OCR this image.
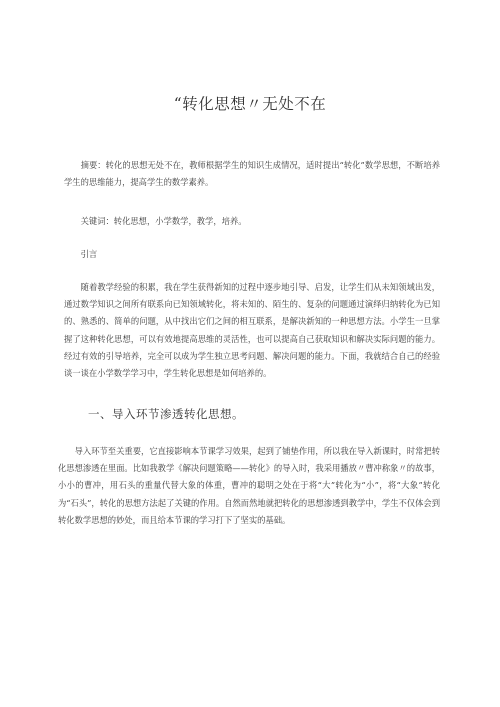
“转化思想〃无处不在

摘要：转化的思想无处不在，教师根据学生的知识生成情况，适时提出“转化”数学思想，不断培养学生的思维能力，提高学生的数学素养。

关键词：转化思想，小学数学，教学，培养。

引言

随着教学经验的积累，我在学生获得新知的过程中逐步地引导、启发，让学生们从未知领域出发，通过数学知识之间所有联系向已知领域转化，将未知的、陌生的、复杂的问题通过演绎归纳转化为已知的、熟悉的、简单的问题，从中找出它们之间的相互联系，是解决新知的一种思想方法。小学生一旦掌握了这种转化思想，可以有效地提高思维的灵活性，也可以提高自己获取知识和解决实际问题的能力。经过有效的引导培养，完全可以成为学生独立思考问题、解决问题的能力。下面，我就结合自己的经验谈一谈在小学数学学习中，学生转化思想是如何培养的。

一、导入环节渗透转化思想。

导入环节至关重要，它直接影响本节课学习效果，起到了铺垫作用，所以我在导入新课时，时常把转化思想渗透在里面。比如我教学《解决问题策略——转化》的导入时，我采用播放〃曹冲称象〃的故事，小小的曹冲，用石头的重量代替大象的体重，曹冲的聪明之处在于将“大”转化为“小”，将“大象”转化为“石头”，转化的思想方法起了关键的作用。自然而然地就把转化的思想渗透到教学中，学生不仅体会到转化数学思想的妙处，而且给本节课的学习打下了坚实的基础。
